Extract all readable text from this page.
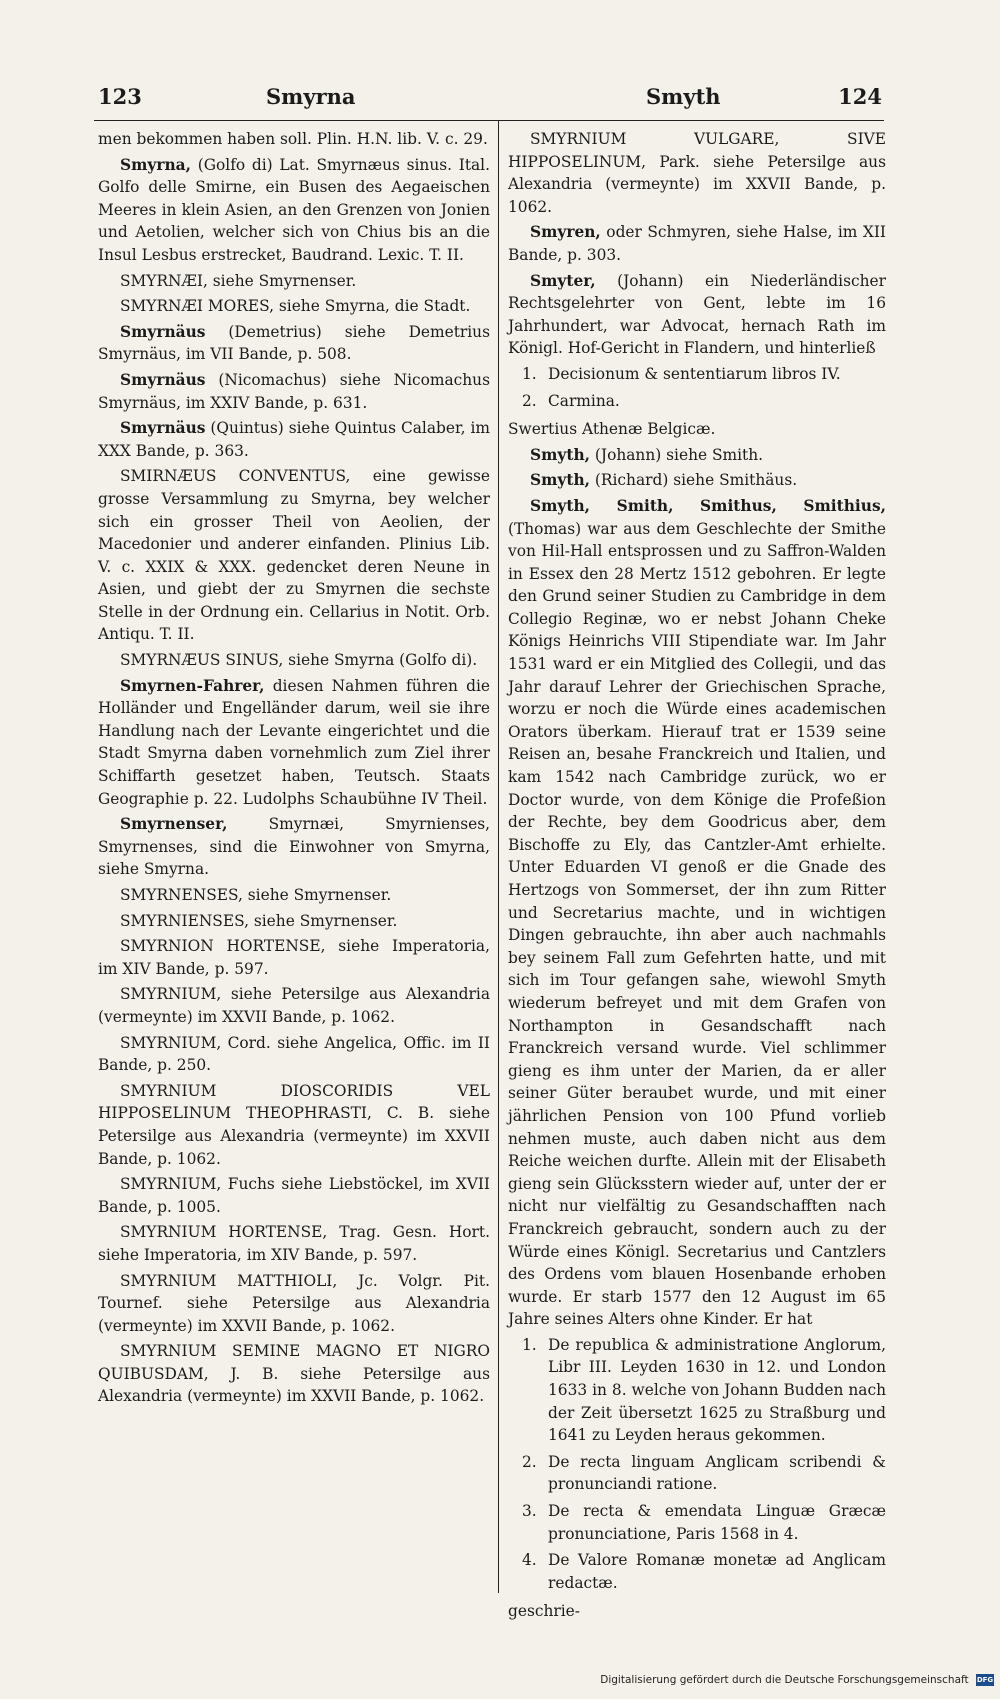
123	Smyrna	Smyth	124

men bekommen haben soll. Plin. H.N. lib. V. c. 29.

Smyrna, (Golfo di) Lat. Smyrnæus sinus. Ital. Golfo delle Smirne, ein Busen des Aegaeischen Meeres in klein Asien, an den Grenzen von Jonien und Aetolien, welcher sich von Chius bis an die Insul Lesbus erstrecket, Baudrand. Lexic. T. II.

SMYRNÆI, siehe Smyrnenser.

SMYRNÆI MORES, siehe Smyrna, die Stadt.

Smyrnäus (Demetrius) siehe Demetrius Smyrnäus, im VII Bande, p. 508.

Smyrnäus (Nicomachus) siehe Nicomachus Smyrnäus, im XXIV Bande, p. 631.

Smyrnäus (Quintus) siehe Quintus Calaber, im XXX Bande, p. 363.

SMIRNÆUS CONVENTUS, eine gewisse grosse Versammlung zu Smyrna, bey welcher sich ein grosser Theil von Aeolien, der Macedonier und anderer einfanden. Plinius Lib. V. c. XXIX & XXX. gedencket deren Neune in Asien, und giebt der zu Smyrnen die sechste Stelle in der Ordnung ein. Cellarius in Notit. Orb. Antiqu. T. II.

SMYRNÆUS SINUS, siehe Smyrna (Golfo di).

Smyrnen-Fahrer, diesen Nahmen führen die Holländer und Engelländer darum, weil sie ihre Handlung nach der Levante eingerichtet und die Stadt Smyrna daben vornehmlich zum Ziel ihrer Schiffarth gesetzet haben, Teutsch. Staats Geographie p. 22. Ludolphs Schaubühne IV Theil.

Smyrnenser,	Smyrnæi, Smyrnienses, Smyrnenses, sind die Einwohner von Smyrna, siehe Smyrna.

SMYRNENSES, siehe Smyrnenser.

SMYRNIENSES, siehe Smyrnenser.

SMYRNION HORTENSE, siehe Imperatoria, im XIV Bande, p. 597.

SMYRNIUM, siehe Petersilge aus Alexandria (vermeynte) im XXVII Bande, p. 1062.

SMYRNIUM, Cord. siehe Angelica, Offic. im II Bande, p. 250.

SMYRNIUM DIOSCORIDIS VEL HIPPOSELINUM THEOPHRASTI, C. B. siehe Petersilge aus Alexandria (vermeynte) im XXVII Bande, p. 1062.

SMYRNIUM, Fuchs siehe Liebstöckel, im XVII Bande, p. 1005.

SMYRNIUM HORTENSE, Trag. Gesn. Hort. siehe Imperatoria, im XIV Bande, p. 597.

SMYRNIUM MATTHIOLI, Jc. Volgr. Pit. Tournef. siehe Petersilge aus Alexandria (vermeynte) im XXVII Bande, p. 1062.

SMYRNIUM SEMINE MAGNO ET NIGRO QUIBUSDAM, J. B. siehe Petersilge aus Alexandria (vermeynte) im XXVII Bande, p. 1062.

SMYRNIUM VULGARE, SIVE HIPPOSELINUM, Park. siehe Petersilge aus Alexandria (vermeynte) im XXVII Bande, p. 1062.

Smyren, oder Schmyren, siehe Halse, im XII Bande, p. 303.

Smyter, (Johann) ein Niederländischer Rechtsgelehrter von Gent, lebte im 16 Jahrhundert, war Advocat, hernach Rath im Königl. Hof-Gericht in Flandern, und hinterließ

1. Decisionum & sententiarum libros IV.
2. Carmina.

Swertius Athenæ Belgicæ.

Smyth, (Johann) siehe Smith.

Smyth, (Richard) siehe Smithäus.

Smyth, Smith, Smithus, Smithius, (Thomas) war aus dem Geschlechte der Smithe von Hil-Hall entsprossen und zu Saffron-Walden in Essex den 28 Mertz 1512 gebohren. Er legte den Grund seiner Studien zu Cambridge in dem Collegio Reginæ, wo er nebst Johann Cheke Königs Heinrichs VIII Stipendiate war. Im Jahr 1531 ward er ein Mitglied des Collegii, und das Jahr darauf Lehrer der Griechischen Sprache, worzu er noch die Würde eines academischen Orators überkam. Hierauf trat er 1539 seine Reisen an, besahe Franckreich und Italien, und kam 1542 nach Cambridge zurück, wo er Doctor wurde, von dem Könige die Profeßion der Rechte, bey dem Goodricus aber, dem Bischoffe zu Ely, das Cantzler-Amt erhielte. Unter Eduarden VI genoß er die Gnade des Hertzogs von Sommerset, der ihn zum Ritter und Secretarius machte, und in wichtigen Dingen gebrauchte, ihn aber auch nachmahls bey seinem Fall zum Gefehrten hatte, und mit sich im Tour gefangen sahe, wiewohl Smyth wiederum befreyet und mit dem Grafen von Northampton in Gesandschafft nach Franckreich versand wurde. Viel schlimmer gieng es ihm unter der Marien, da er aller seiner Güter beraubet wurde, und mit einer jährlichen Pension von 100 Pfund vorlieb nehmen muste, auch daben nicht aus dem Reiche weichen durfte. Allein mit der Elisabeth gieng sein Glücksstern wieder auf, unter der er nicht nur vielfältig zu Gesandschafften nach Franckreich gebraucht, sondern auch zu der Würde eines Königl. Secretarius und Cantzlers des Ordens vom blauen Hosenbande erhoben wurde. Er starb 1577 den 12 August im 65 Jahre seines Alters ohne Kinder. Er hat

1. De republica & administratione Anglorum, Libr III. Leyden 1630 in 12. und London 1633 in 8. welche von Johann Budden nach der Zeit übersetzt 1625 zu Straßburg und 1641 zu Leyden heraus gekommen.
2. De recta linguam Anglicam scribendi & pronunciandi ratione.
3. De recta & emendata Linguæ Græcæ pronunciatione, Paris 1568 in 4.
4. De Valore Romanæ monetæ ad Anglicam redactæ.

geschrie-

Digitalisierung gefördert durch die Deutsche Forschungsgemeinschaft DFG
